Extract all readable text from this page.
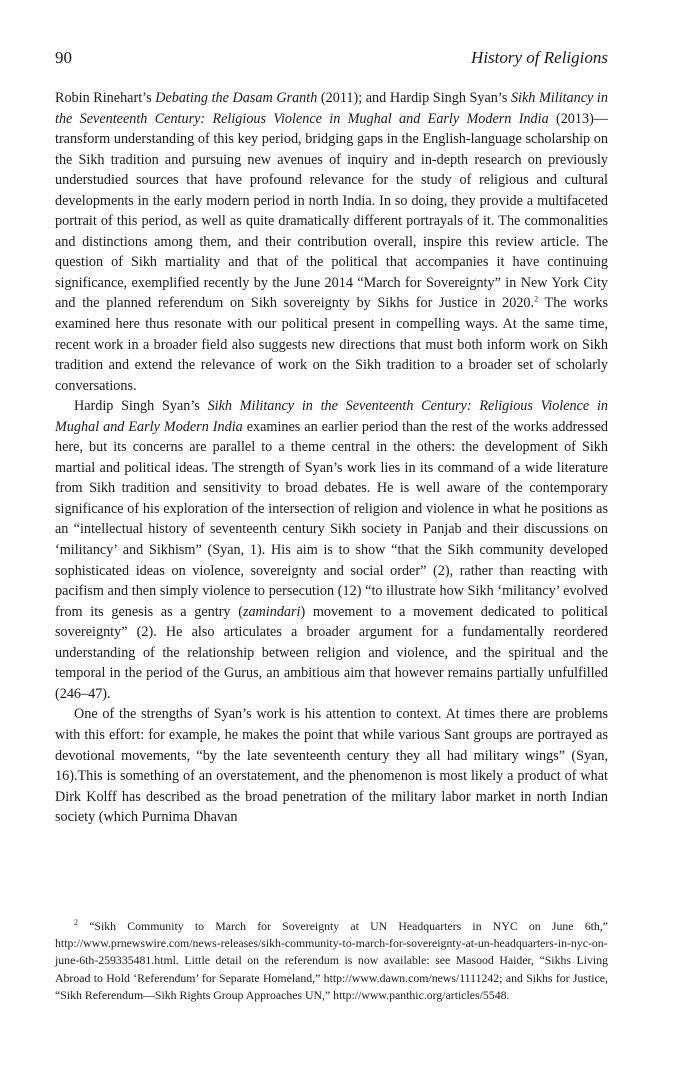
90	History of Religions

Robin Rinehart’s Debating the Dasam Granth (2011); and Hardip Singh Syan’s Sikh Militancy in the Seventeenth Century: Religious Violence in Mughal and Early Modern India (2013)—transform understanding of this key period, bridging gaps in the English-language scholarship on the Sikh tradition and pursuing new avenues of inquiry and in-depth research on previously understudied sources that have profound relevance for the study of religious and cultural developments in the early modern period in north India. In so doing, they provide a multifaceted portrait of this period, as well as quite dramatically different portrayals of it. The commonalities and distinctions among them, and their contribution overall, inspire this review article. The question of Sikh martiality and that of the political that accompanies it have continuing significance, exemplified recently by the June 2014 “March for Sovereignty” in New York City and the planned referendum on Sikh sovereignty by Sikhs for Justice in 2020.$^2$ The works examined here thus resonate with our political present in compelling ways. At the same time, recent work in a broader field also suggests new directions that must both inform work on Sikh tradition and extend the relevance of work on the Sikh tradition to a broader set of scholarly conversations.

Hardip Singh Syan’s Sikh Militancy in the Seventeenth Century: Religious Violence in Mughal and Early Modern India examines an earlier period than the rest of the works addressed here, but its concerns are parallel to a theme central in the others: the development of Sikh martial and political ideas. The strength of Syan’s work lies in its command of a wide literature from Sikh tradition and sensitivity to broad debates. He is well aware of the contemporary significance of his exploration of the intersection of religion and violence in what he positions as an “intellectual history of seventeenth century Sikh society in Panjab and their discussions on ‘militancy’ and Sikhism” (Syan, 1). His aim is to show “that the Sikh community developed sophisticated ideas on violence, sovereignty and social order” (2), rather than reacting with pacifism and then simply violence to persecution (12) “to illustrate how Sikh ‘militancy’ evolved from its genesis as a gentry (zamindari) movement to a movement dedicated to political sovereignty” (2). He also articulates a broader argument for a fundamentally reordered understanding of the relationship between religion and violence, and the spiritual and the temporal in the period of the Gurus, an ambitious aim that however remains partially unfulfilled (246–47).

One of the strengths of Syan’s work is his attention to context. At times there are problems with this effort: for example, he makes the point that while various Sant groups are portrayed as devotional movements, “by the late seventeenth century they all had military wings” (Syan, 16).This is something of an overstatement, and the phenomenon is most likely a product of what Dirk Kolff has described as the broad penetration of the military labor market in north Indian society (which Purnima Dhavan

$^2$ “Sikh Community to March for Sovereignty at UN Headquarters in NYC on June 6th,” http://www.prnewswire.com/news-releases/sikh-community-to-march-for-sovereignty-at-un-headquarters-in-nyc-on-june-6th-259335481.html. Little detail on the referendum is now available: see Masood Haider, “Sikhs Living Abroad to Hold ‘Referendum’ for Separate Homeland,” http://www.dawn.com/news/1111242; and Sikhs for Justice, “Sikh Referendum—Sikh Rights Group Approaches UN,” http://www.panthic.org/articles/5548.
